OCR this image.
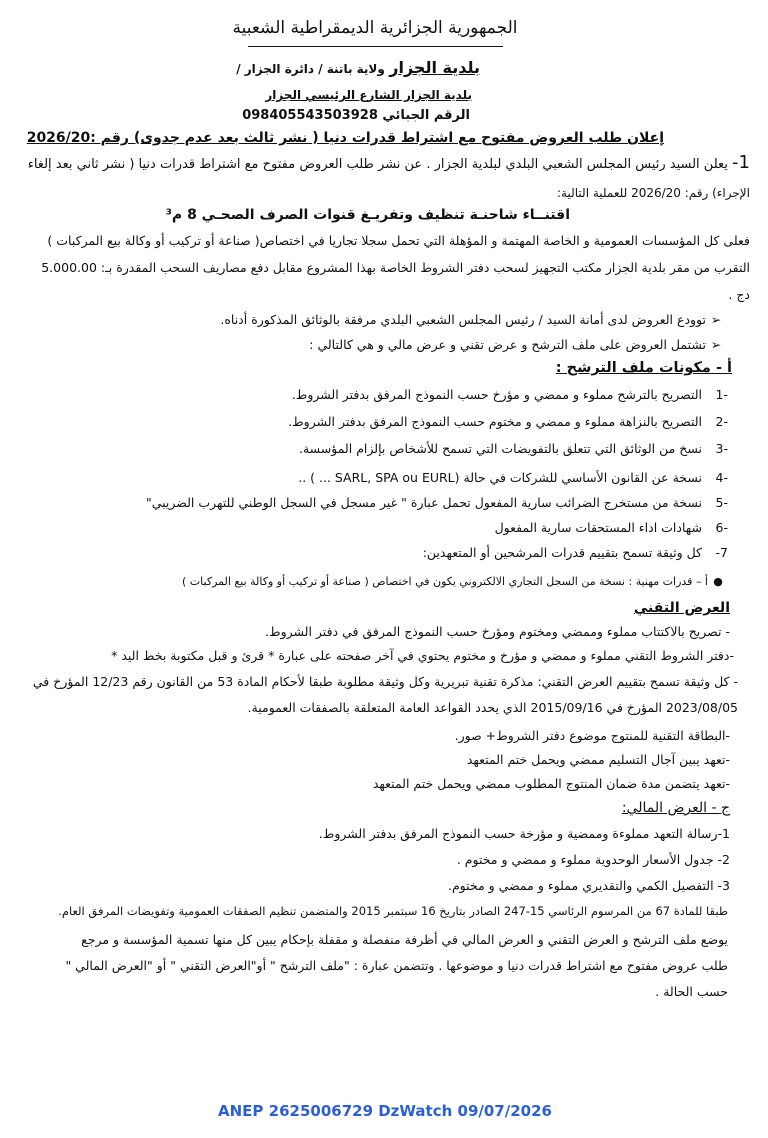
الجمهورية الجزائرية الديمقراطية الشعبية
بلدية الجزار ولاية باتنة / دائرة الجزار /
بلدية الجزار الشارع الرئيسي الجزار
الرقم الجبائي 098405543503928
إعلان طلب العروض مفتوح مع اشتراط قدرات دنيا ( نشر ثالث بعد عدم جدوى) رقم :2026/20
1- يعلن السيد رئيس المجلس الشعبي البلدي لبلدية الجزار . عن نشر طلب العروض مفتوح مع اشتراط قدرات دنيا ( نشر ثاني بعد إلغاء
الإجراء) رقم: 2026/20 للعملية التالية:
اقتنــاء شاحنـة تنظيف وتفريـغ قنوات الصرف الصحـي 8 م³
فعلى كل المؤسسات العمومية و الخاصة المهتمة و المؤهلة التي تحمل سجلا تجاريا في اختصاص( صناعة أو تركيب أو وكالة بيع المركبات )
التقرب من مقر بلدية الجزار مكتب التجهيز لسحب دفتر الشروط الخاصة بهذا المشروع مقابل دفع مصاريف السحب المقدرة بـ: 5.000.00
دج .
➢توودع العروض لدى أمانة السيد / رئيس المجلس الشعبي البلدي مرفقة بالوثائق المذكورة أدناه.
➢تشتمل العروض على ملف الترشح و عرض تقني و عرض مالي و هي كالتالي :
أ - مكونات ملف الترشح :
-1التصريح بالترشح مملوء و ممضي و مؤرخ حسب النموذج المرفق بدفتر الشروط.
-2التصريح بالنزاهة مملوء و ممضي و مختوم حسب النموذج المرفق بدفتر الشروط.
-3نسخ من الوثائق التي تتعلق بالتفويضات التي تسمح للأشخاص بإلزام المؤسسة.
-4نسخة عن القانون الأساسي للشركات في حالة (SARL, SPA ou EURL ... ) ..
-5نسخة من مستخرج الضرائب سارية المفعول تحمل عبارة " غير مسجل في السجل الوطني للتهرب الضريبي"
-6شهادات اداء المستحقات سارية المفعول
7-كل وثيقة تسمح بتقييم قدرات المرشحين أو المتعهدين:
●أ – قدرات مهنية : نسخة من السجل التجاري الالكتروني يكون في اختصاص ( صناعة أو تركيب أو وكالة بيع المركبات )
العرض التقني
- تصريح بالاكتتاب مملوء وممضي ومختوم ومؤرخ حسب النموذج المرفق في دفتر الشروط.
-دفتر الشروط التقني مملوء و ممضي و مؤرخ و مختوم يحتوي في آخر صفحته على عبارة * قرئ و قبل مكتوبة بخط اليد *
- كل وثيقة تسمح بتقييم العرض التقني: مذكرة تقنية تبريرية وكل وثيقة مطلوبة طبقا لأحكام المادة 53 من القانون رقم 12/23 المؤرخ في
2023/08/05 المؤرخ في 2015/09/16 الذي يحدد القواعد العامة المتعلقة بالصفقات العمومية.
-البطاقة التقنية للمنتوج موضوع دفتر الشروط+ صور.
-تعهد يبين آجال التسليم ممضي ويحمل ختم المتعهد
-تعهد يتضمن مدة ضمان المنتوج المطلوب ممضي ويحمل ختم المتعهد
ج - العرض المالي:
1-رسالة التعهد مملوءة وممضية و مؤرخة حسب النموذج المرفق بدفتر الشروط.
2- جدول الأسعار الوحدوية مملوء و ممضي و مختوم .
3- التفصيل الكمي والتقديري مملوء و ممضي و مختوم.
طبقا للمادة 67 من المرسوم الرئاسي 15-247 الصادر بتاريخ 16 سبتمبر 2015 والمتضمن تنظيم الصفقات العمومية وتفويضات المرفق العام.
يوضع ملف الترشح و العرض التقني و العرض المالي في أظرفة منفصلة و مقفلة بإحكام يبين كل منها تسمية المؤسسة و مرجع
طلب عروض مفتوح مع اشتراط قدرات دنيا و موضوعها . وتتضمن عبارة : "ملف الترشح " أو"العرض التقني " أو "العرض المالي "
حسب الحالة .
ANEP 2625006729 DzWatch 09/07/2026
